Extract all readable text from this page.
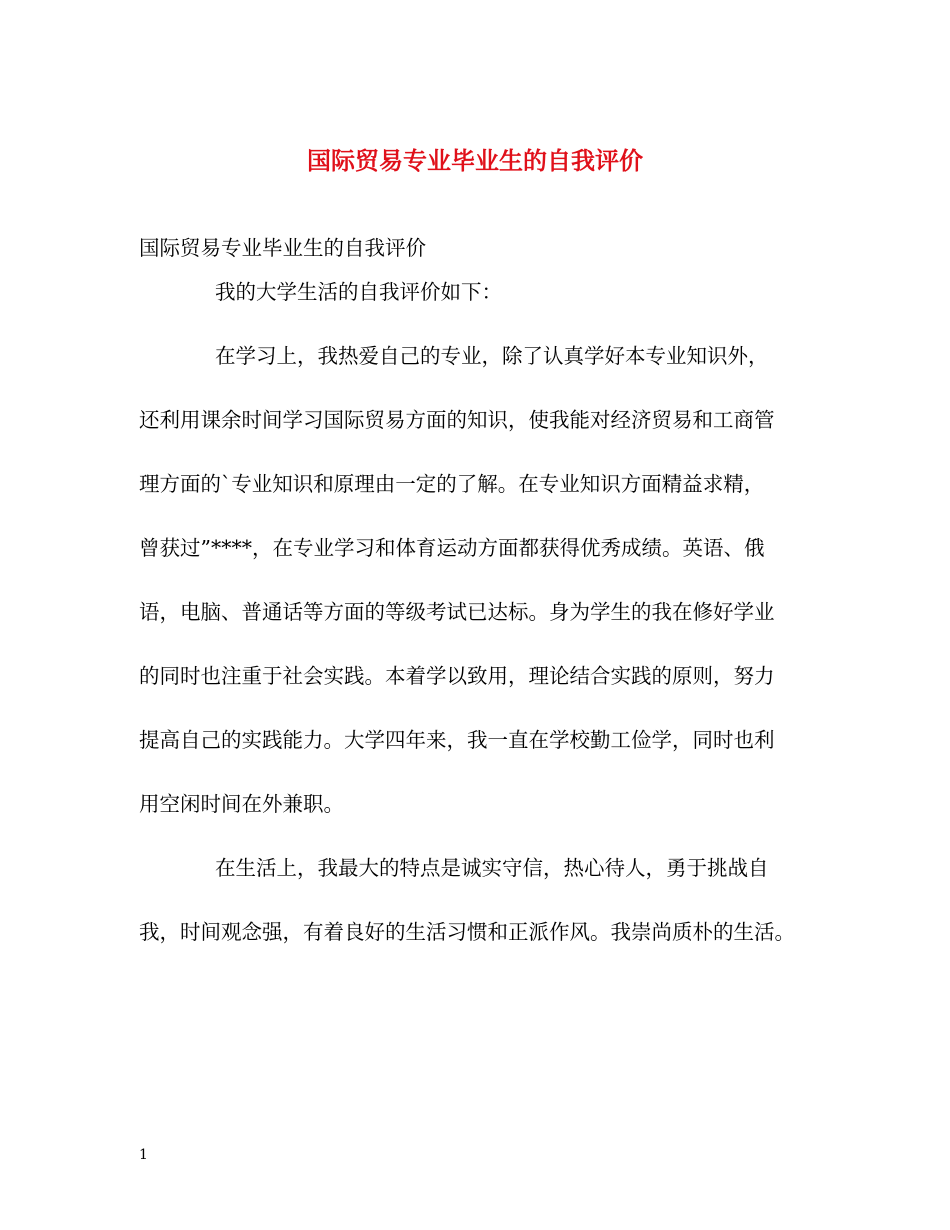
国际贸易专业毕业生的自我评价
国际贸易专业毕业生的自我评价
我的大学生活的自我评价如下：
在学习上，我热爱自己的专业，除了认真学好本专业知识外，
还利用课余时间学习国际贸易方面的知识，使我能对经济贸易和工商管
理方面的`专业知识和原理由一定的了解。在专业知识方面精益求精，
曾获过”****，在专业学习和体育运动方面都获得优秀成绩。英语、俄
语，电脑、普通话等方面的等级考试已达标。身为学生的我在修好学业
的同时也注重于社会实践。本着学以致用，理论结合实践的原则，努力
提高自己的实践能力。大学四年来，我一直在学校勤工俭学，同时也利
用空闲时间在外兼职。
在生活上，我最大的特点是诚实守信，热心待人，勇于挑战自
我，时间观念强，有着良好的生活习惯和正派作风。我崇尚质朴的生活。
1
